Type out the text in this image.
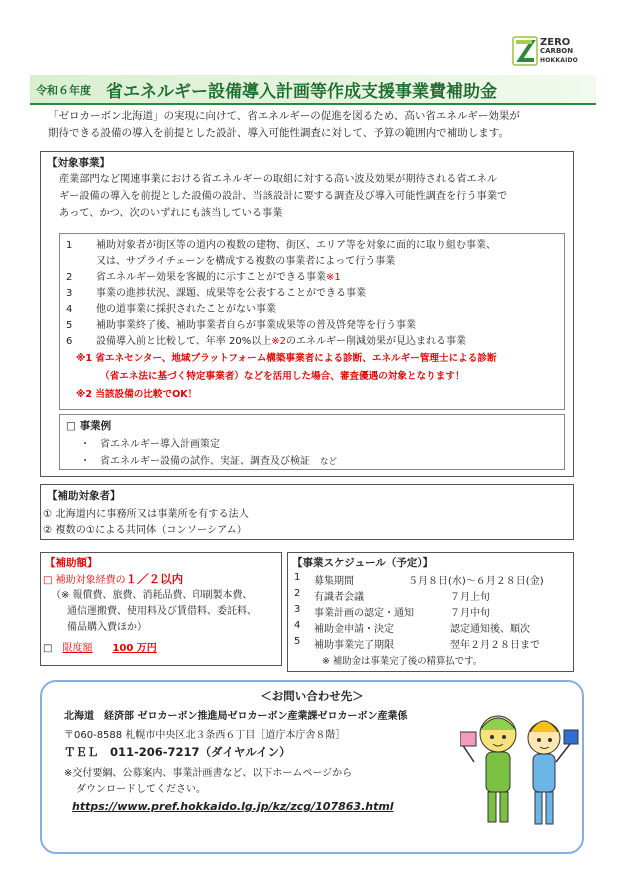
ZERO
CARBON
HOKKAIDO
令和６年度 省エネルギー設備導入計画等作成支援事業費補助金
「ゼロカーボン北海道」の実現に向けて、省エネルギーの促進を図るため、高い省エネルギー効果が
期待できる設備の導入を前提とした設計、導入可能性調査に対して、予算の範囲内で補助します。
【対象事業】
産業部門など関連事業における省エネルギーの取組に対する高い波及効果が期待される省エネル
ギー設備の導入を前提とした設備の設計、当該設計に要する調査及び導入可能性調査を行う事業で
あって、かつ、次のいずれにも該当している事業
1	補助対象者が街区等の道内の複数の建物、街区、エリア等を対象に面的に取り組む事業、
又は、サプライチェーンを構成する複数の事業者によって行う事業
2	省エネルギー効果を客観的に示すことができる事業※1
3	事業の進捗状況、課題、成果等を公表することができる事業
4	他の道事業に採択されたことがない事業
5	補助事業終了後、補助事業者自らが事業成果等の普及啓発等を行う事業
6	設備導入前と比較して、年率 20%以上※2のエネルギー削減効果が見込まれる事業
※1 省エネセンター、地域プラットフォーム構築事業者による診断、エネルギー管理士による診断
（省エネ法に基づく特定事業者）などを活用した場合、審査優遇の対象となります！
※2 当該設備の比較でOK！
□ 事業例
・　省エネルギー導入計画策定
・　省エネルギー設備の試作、実証、調査及び検証　 など
【補助対象者】
① 北海道内に事務所又は事業所を有する法人
② 複数の①による共同体（コンソーシアム）
【補助額】
□ 補助対象経費の１／２以内
（※ 報償費、旅費、消耗品費、印刷製本費、
通信運搬費、使用料及び賃借料、委託料、
備品購入費ほか）
□　 限度額　　 100 万円
【事業スケジュール（予定）】
1 募集期間	５月８日(水)～６月２８日(金)
2 有識者会議	７月上旬
3 事業計画の認定・通知	７月中旬
4 補助金申請・決定	認定通知後、順次
5 補助事業完了期限	翌年２月２８日まで
※ 補助金は事業完了後の精算払です。
＜お問い合わせ先＞
北海道　経済部 ゼロカーボン推進局ゼロカーボン産業課ゼロカーボン産業係
〒060-8588 札幌市中央区北３条西６丁目［道庁本庁舎８階］
ＴＥＬ　011-206-7217（ダイヤルイン）
※交付要綱、公募案内、事業計画書など、以下ホームページから
ダウンロードしてください。
https://www.pref.hokkaido.lg.jp/kz/zcg/107863.html
